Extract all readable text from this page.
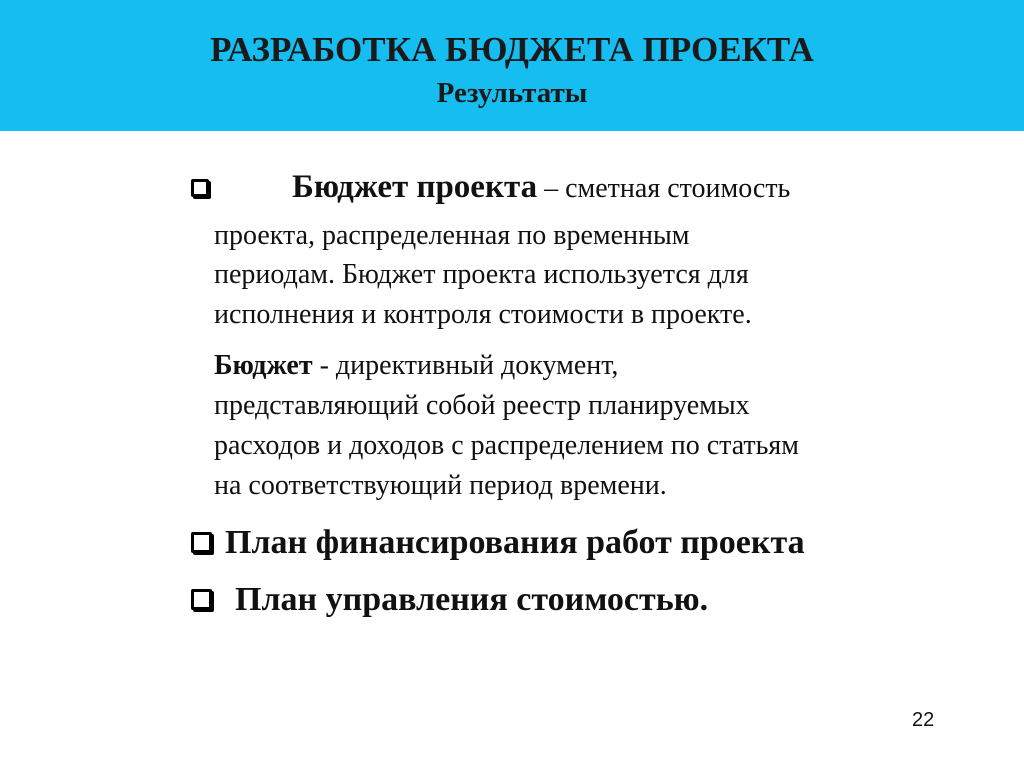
РАЗРАБОТКА БЮДЖЕТА ПРОЕКТА
Результаты
Бюджет проекта – сметная стоимость
проекта, распределенная по временным
периодам. Бюджет проекта используется для
исполнения и контроля стоимости в проекте.
Бюджет - директивный документ,
представляющий собой реестр планируемых
расходов и доходов с распределением по статьям
на соответствующий период времени.
План финансирования работ проекта
План управления стоимостью.
22
